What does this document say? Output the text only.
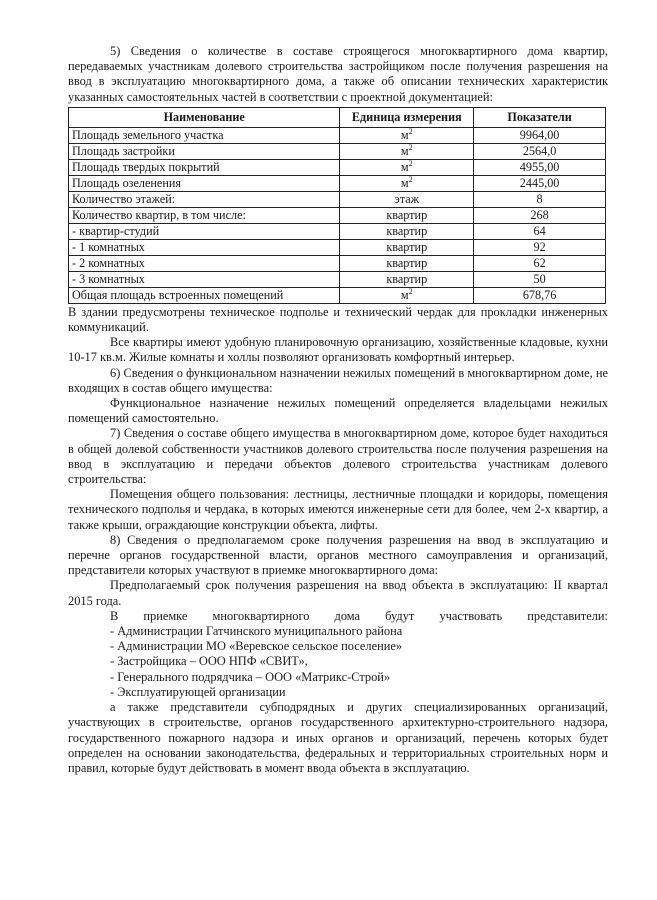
5) Сведения о количестве в составе строящегося многоквартирного дома квартир, передаваемых участникам долевого строительства застройщиком после получения разрешения на ввод в эксплуатацию многоквартирного дома, а также об описании технических характеристик указанных самостоятельных частей в соответствии с проектной документацией:

Наименование	Единица измерения	Показатели
Площадь земельного участка	$м^2$	9964,00
Площадь застройки	$м^2$	2564,0
Площадь твердых покрытий	$м^2$	4955,00
Площадь озеленения	$м^2$	2445,00
Количество этажей:	этаж	8
Количество квартир, в том числе:	квартир	268
- квартир-студий	квартир	64
- 1 комнатных	квартир	92
- 2 комнатных	квартир	62
- 3 комнатных	квартир	50
Общая площадь встроенных помещений	$м^2$	678,76

В здании предусмотрены техническое подполье и технический чердак для прокладки инженерных коммуникаций.

Все квартиры имеют удобную планировочную организацию, хозяйственные кладовые, кухни 10-17 кв.м. Жилые комнаты и холлы позволяют организовать комфортный интерьер.

6) Сведения о функциональном назначении нежилых помещений в многоквартирном доме, не входящих в состав общего имущества:

Функциональное назначение нежилых помещений определяется владельцами нежилых помещений самостоятельно.

7) Сведения о составе общего имущества в многоквартирном доме, которое будет находиться в общей долевой собственности участников долевого строительства после получения разрешения на ввод в эксплуатацию и передачи объектов долевого строительства участникам долевого строительства:

Помещения общего пользования: лестницы, лестничные площадки и коридоры, помещения технического подполья и чердака, в которых имеются инженерные сети для более, чем 2-х квартир, а также крыши, ограждающие конструкции объекта, лифты.

8) Сведения о предполагаемом сроке получения разрешения на ввод в эксплуатацию и перечне органов государственной власти, органов местного самоуправления и организаций, представители которых участвуют в приемке многоквартирного дома:

Предполагаемый срок получения разрешения на ввод объекта в эксплуатацию: II квартал 2015 года.

В приемке многоквартирного дома будут участвовать представители:

- Администрации Гатчинского муниципального района

- Администрации МО «Веревское сельское поселение»

- Застройщика – ООО НПФ «СВИТ»,

- Генерального подрядчика – ООО «Матрикс-Строй»

- Эксплуатирующей организации

а также представители субподрядных и других специализированных организаций, участвующих в строительстве, органов государственного архитектурно-строительного надзора, государственного пожарного надзора и иных органов и организаций, перечень которых будет определен на основании законодательства, федеральных и территориальных строительных норм и правил, которые будут действовать в момент ввода объекта в эксплуатацию.
